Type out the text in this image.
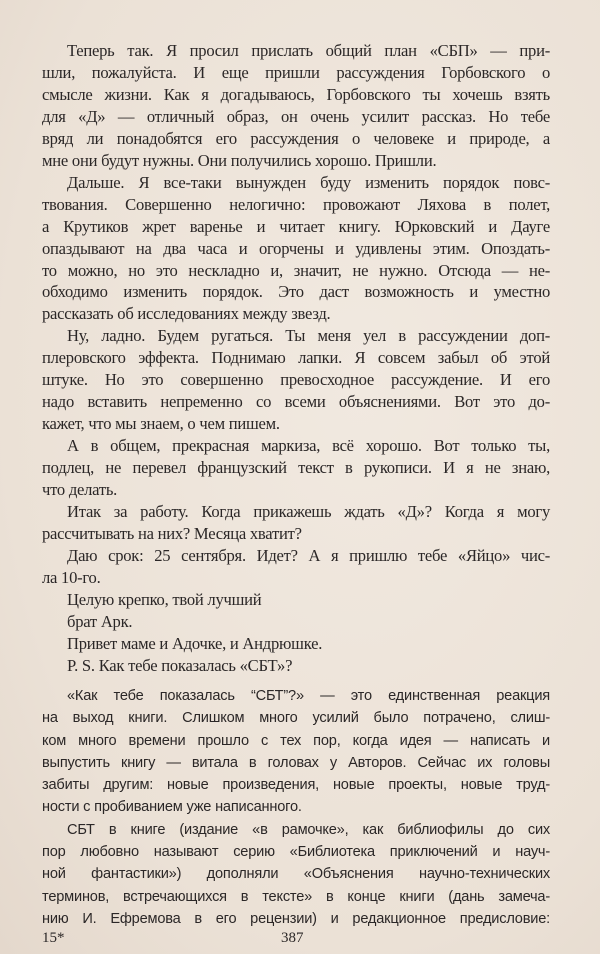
Теперь так. Я просил прислать общий план «СБП» — при-
шли, пожалуйста. И еще пришли рассуждения Горбовского о
смысле жизни. Как я догадываюсь, Горбовского ты хочешь взять
для «Д» — отличный образ, он очень усилит рассказ. Но тебе
вряд ли понадобятся его рассуждения о человеке и природе, а
мне они будут нужны. Они получились хорошо. Пришли.
Дальше. Я все-таки вынужден буду изменить порядок повс-
твования. Совершенно нелогично: провожают Ляхова в полет,
а Крутиков жрет варенье и читает книгу. Юрковский и Дауге
опаздывают на два часа и огорчены и удивлены этим. Опоздать-
то можно, но это нескладно и, значит, не нужно. Отсюда — не-
обходимо изменить порядок. Это даст возможность и уместно
рассказать об исследованиях между звезд.
Ну, ладно. Будем ругаться. Ты меня уел в рассуждении доп-
плеровского эффекта. Поднимаю лапки. Я совсем забыл об этой
штуке. Но это совершенно превосходное рассуждение. И его
надо вставить непременно со всеми объяснениями. Вот это до-
кажет, что мы знаем, о чем пишем.
А в общем, прекрасная маркиза, всё хорошо. Вот только ты,
подлец, не перевел французский текст в рукописи. И я не знаю,
что делать.
Итак за работу. Когда прикажешь ждать «Д»? Когда я могу
рассчитывать на них? Месяца хватит?
Даю срок: 25 сентября. Идет? А я пришлю тебе «Яйцо» чис-
ла 10-го.
Целую крепко, твой лучший
брат Арк.
Привет маме и Адочке, и Андрюшке.
P. S. Как тебе показалась «СБТ»?
«Как тебе показалась “СБТ”?» — это единственная реакция
на выход книги. Слишком много усилий было потрачено, слиш-
ком много времени прошло с тех пор, когда идея — написать и
выпустить книгу — витала в головах у Авторов. Сейчас их головы
забиты другим: новые произведения, новые проекты, новые труд-
ности с пробиванием уже написанного.
СБТ в книге (издание «в рамочке», как библиофилы до сих
пор любовно называют серию «Библиотека приключений и науч-
ной фантастики») дополняли «Объяснения научно-технических
терминов, встречающихся в тексте» в конце книги (дань замеча-
нию И. Ефремова в его рецензии) и редакционное предисловие:
15*	387
